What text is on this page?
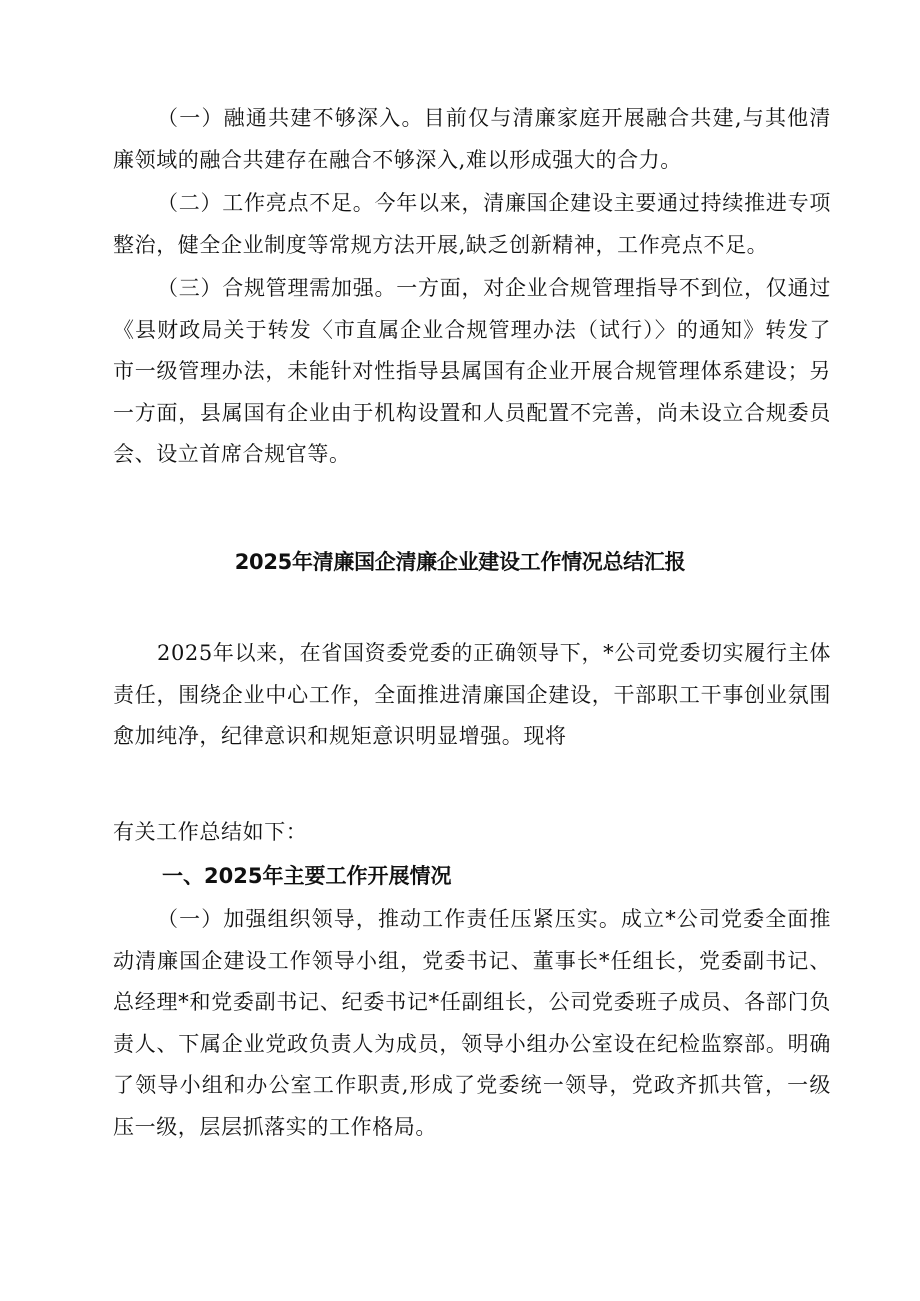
（一）融通共建不够深入。目前仅与清廉家庭开展融合共建,与其他清廉领域的融合共建存在融合不够深入,难以形成强大的合力。

（二）工作亮点不足。今年以来，清廉国企建设主要通过持续推进专项整治，健全企业制度等常规方法开展,缺乏创新精神，工作亮点不足。

（三）合规管理需加强。一方面，对企业合规管理指导不到位，仅通过《县财政局关于转发〈市直属企业合规管理办法（试行）〉的通知》转发了市一级管理办法，未能针对性指导县属国有企业开展合规管理体系建设；另一方面，县属国有企业由于机构设置和人员配置不完善，尚未设立合规委员会、设立首席合规官等。

2025年清廉国企清廉企业建设工作情况总结汇报

2025年以来，在省国资委党委的正确领导下，*公司党委切实履行主体责任，围绕企业中心工作，全面推进清廉国企建设，干部职工干事创业氛围愈加纯净，纪律意识和规矩意识明显增强。现将

有关工作总结如下：

一、2025年主要工作开展情况

（一）加强组织领导，推动工作责任压紧压实。成立*公司党委全面推动清廉国企建设工作领导小组，党委书记、董事长*任组长，党委副书记、总经理*和党委副书记、纪委书记*任副组长，公司党委班子成员、各部门负责人、下属企业党政负责人为成员，领导小组办公室设在纪检监察部。明确了领导小组和办公室工作职责,形成了党委统一领导，党政齐抓共管，一级压一级，层层抓落实的工作格局。
